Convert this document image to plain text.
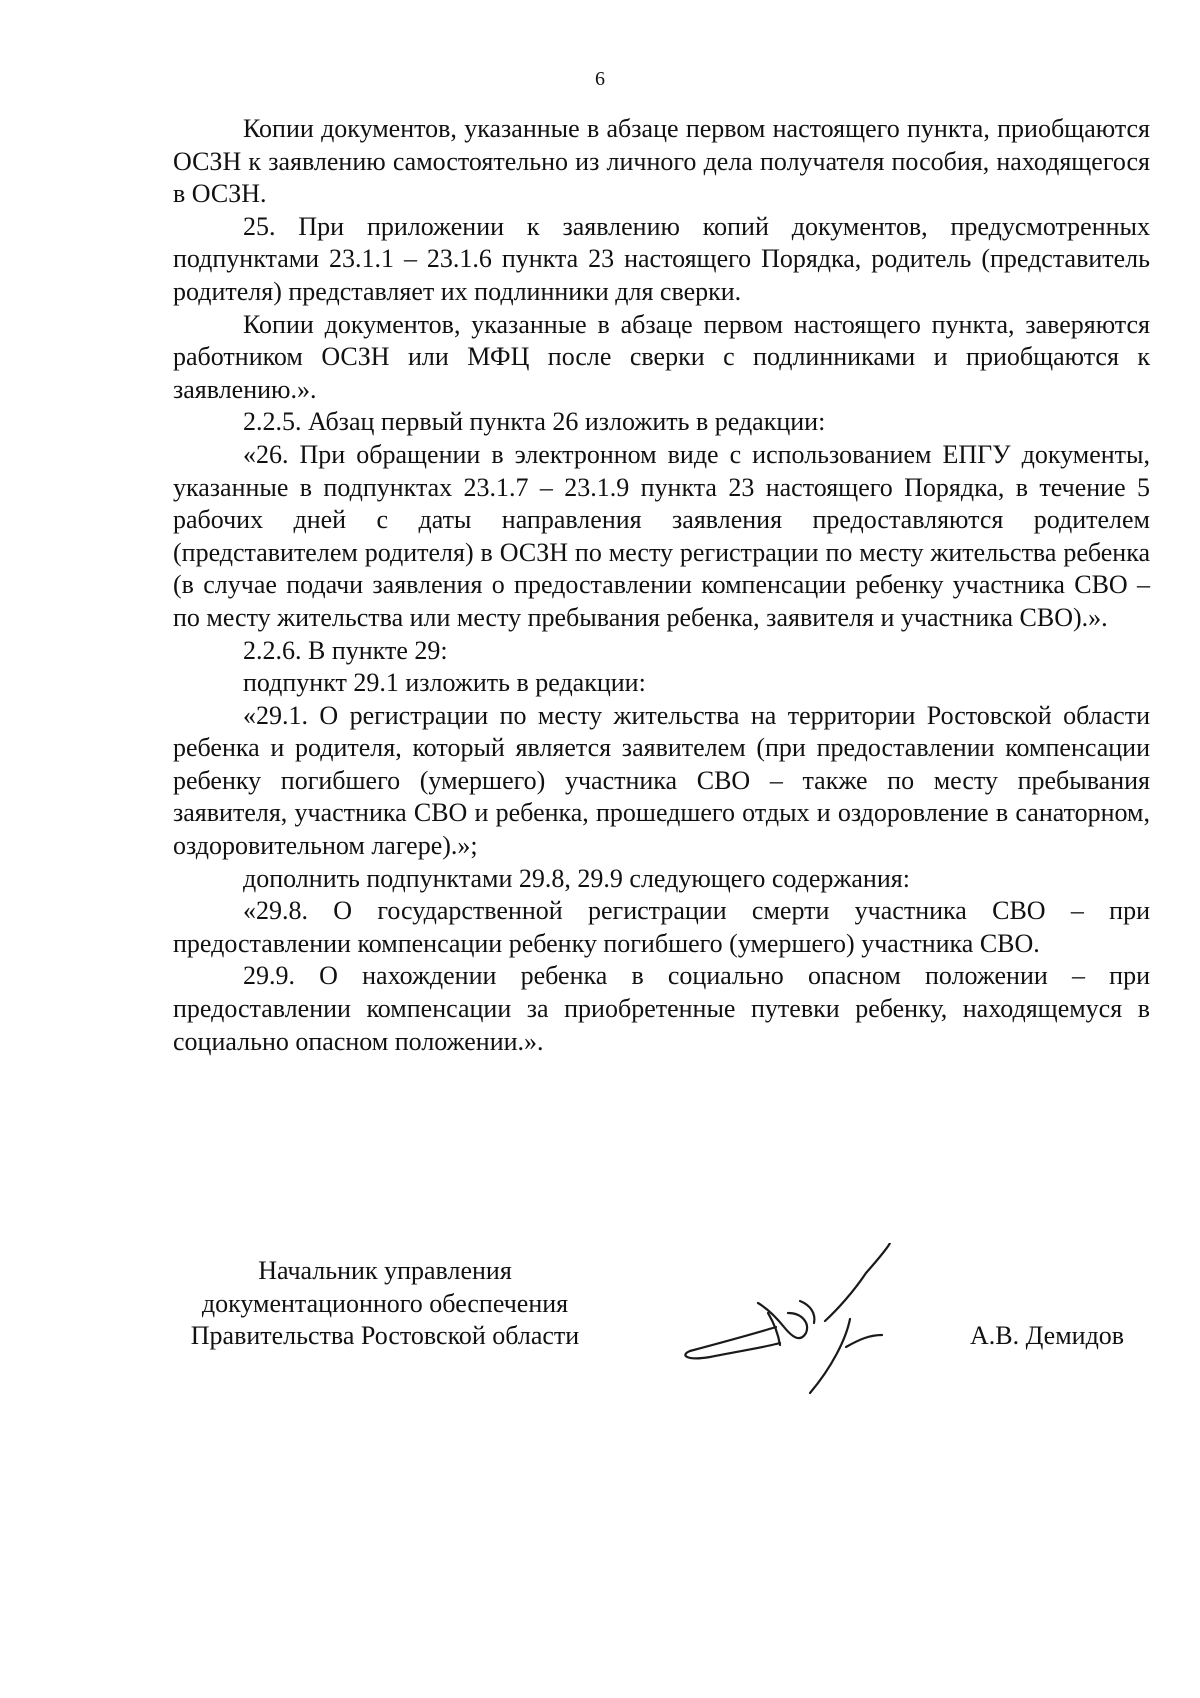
6

Копии документов, указанные в абзаце первом настоящего пункта, приобщаются ОСЗН к заявлению самостоятельно из личного дела получателя пособия, находящегося в ОСЗН.

25. При приложении к заявлению копий документов, предусмотренных подпунктами 23.1.1 – 23.1.6 пункта 23 настоящего Порядка, родитель (представитель родителя) представляет их подлинники для сверки.

Копии документов, указанные в абзаце первом настоящего пункта, заверяются работником ОСЗН или МФЦ после сверки с подлинниками и приобщаются к заявлению.».

2.2.5. Абзац первый пункта 26 изложить в редакции:

«26. При обращении в электронном виде с использованием ЕПГУ документы, указанные в подпунктах 23.1.7 – 23.1.9 пункта 23 настоящего Порядка, в течение 5 рабочих дней с даты направления заявления предоставляются родителем (представителем родителя) в ОСЗН по месту регистрации по месту жительства ребенка (в случае подачи заявления о предоставлении компенсации ребенку участника СВО – по месту жительства или месту пребывания ребенка, заявителя и участника СВО).».

2.2.6. В пункте 29:

подпункт 29.1 изложить в редакции:

«29.1. О регистрации по месту жительства на территории Ростовской области ребенка и родителя, который является заявителем (при предоставлении компенсации ребенку погибшего (умершего) участника СВО – также по месту пребывания заявителя, участника СВО и ребенка, прошедшего отдых и оздоровление в санаторном, оздоровительном лагере).»;

дополнить подпунктами 29.8, 29.9 следующего содержания:

«29.8. О государственной регистрации смерти участника СВО – при предоставлении компенсации ребенку погибшего (умершего) участника СВО.

29.9. О нахождении ребенка в социально опасном положении – при предоставлении компенсации за приобретенные путевки ребенку, находящемуся в социально опасном положении.».

Начальник управления
документационного обеспечения
Правительства Ростовской области	А.В. Демидов
